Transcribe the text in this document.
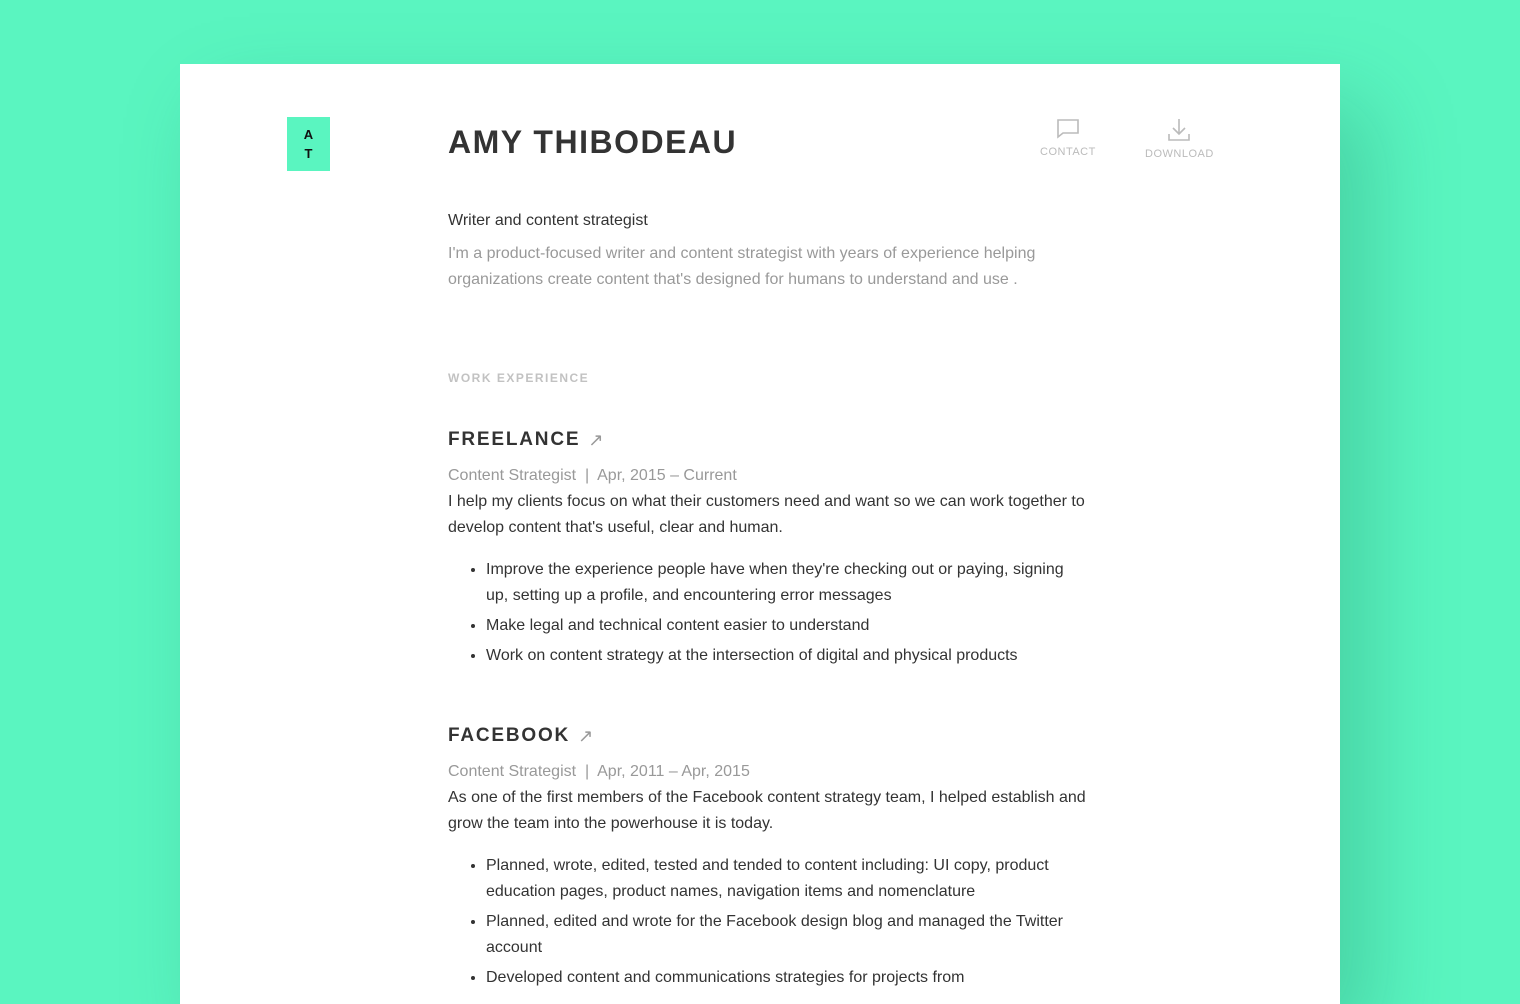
A
T	AMY THIBODEAU	CONTACT	DOWNLOAD

Writer and content strategist

I'm a product-focused writer and content strategist with years of experience helping organizations create content that's designed for humans to understand and use .

WORK EXPERIENCE
FREELANCE ↗
Content Strategist  |  Apr, 2015 – Current

I help my clients focus on what their customers need and want so we can work together to develop content that's useful, clear and human.

• Improve the experience people have when they're checking out or paying, signing up, setting up a profile, and encountering error messages
• Make legal and technical content easier to understand
• Work on content strategy at the intersection of digital and physical products
FACEBOOK ↗
Content Strategist  |  Apr, 2011 – Apr, 2015

As one of the first members of the Facebook content strategy team, I helped establish and grow the team into the powerhouse it is today.

• Planned, wrote, edited, tested and tended to content including: UI copy, product education pages, product names, navigation items and nomenclature
• Planned, edited and wrote for the Facebook design blog and managed the Twitter account
• Developed content and communications strategies for projects from
